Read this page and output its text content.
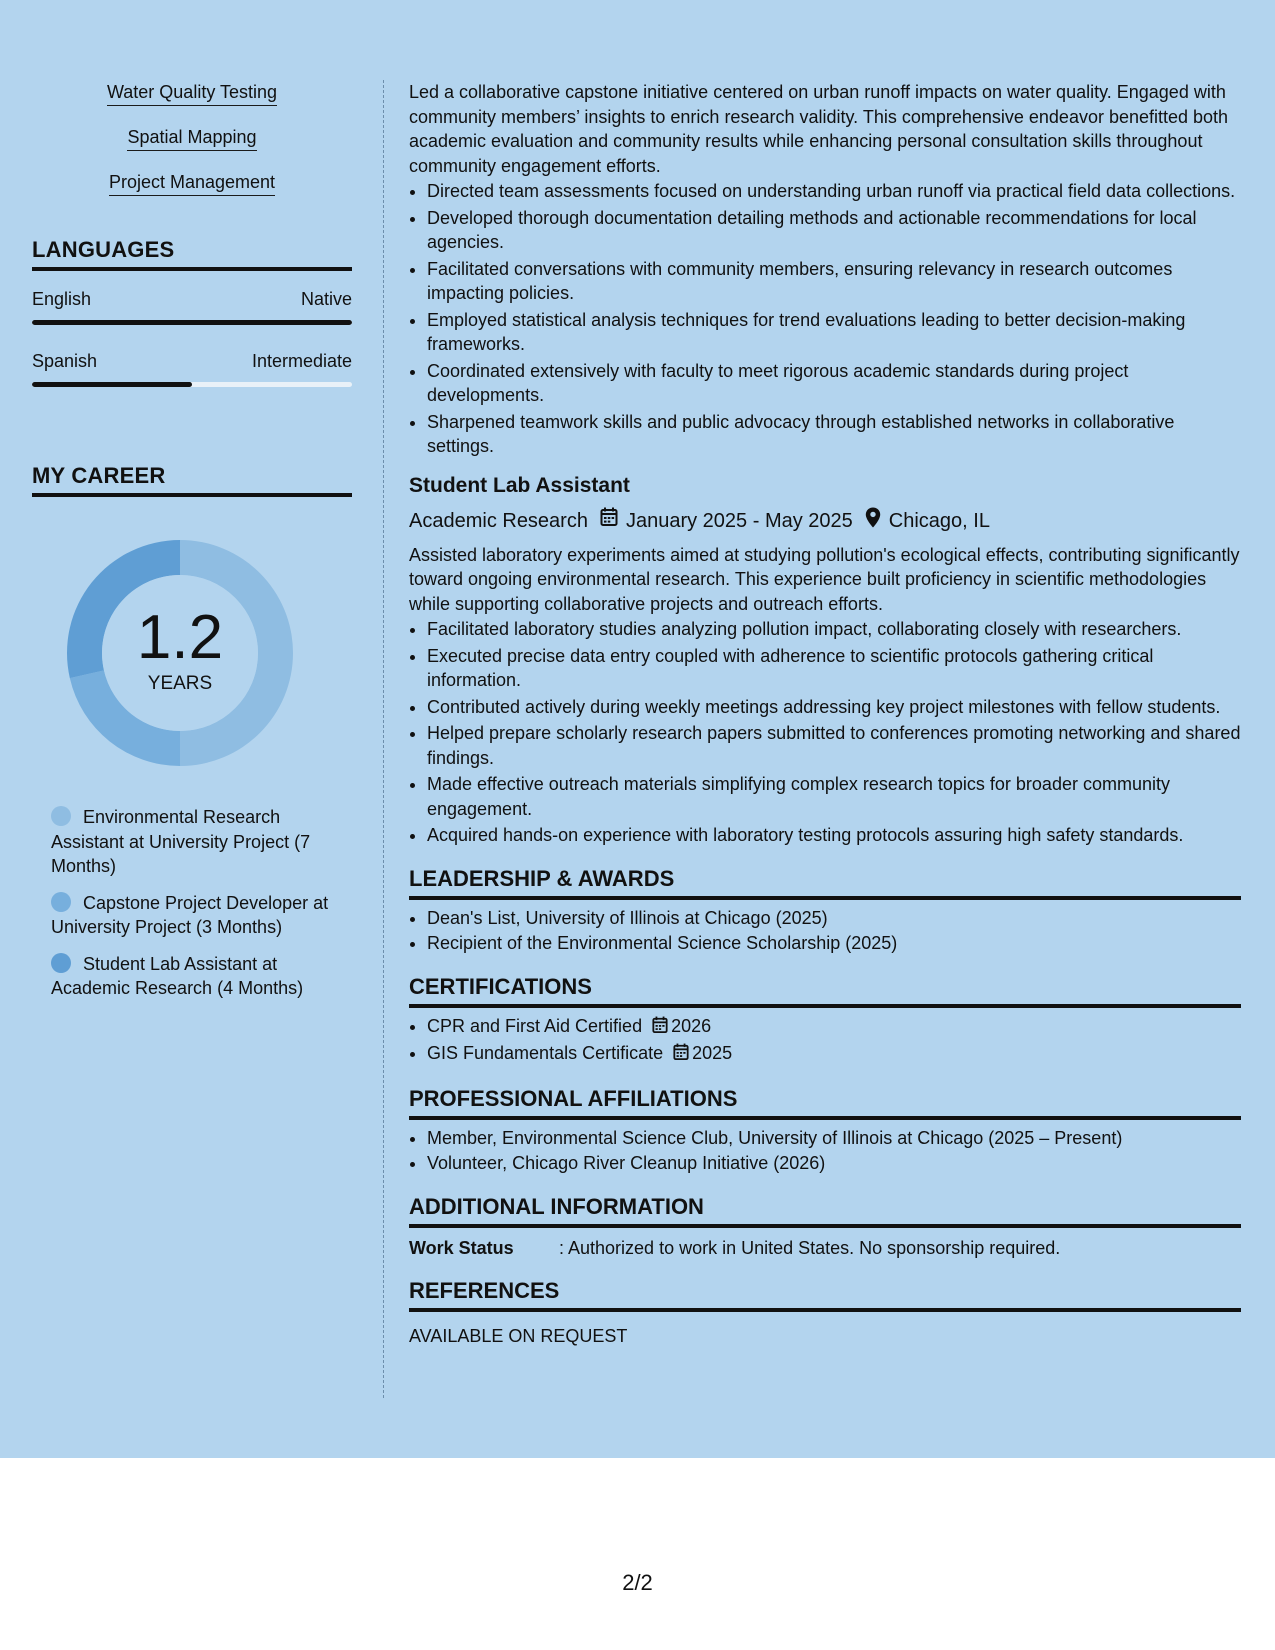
Water Quality Testing
Spatial Mapping
Project Management
LANGUAGES
English	Native
Spanish	Intermediate
MY CAREER
1.2
YEARS
Environmental Research Assistant at University Project (7 Months)
Capstone Project Developer at University Project (3 Months)
Student Lab Assistant at Academic Research (4 Months)

Led a collaborative capstone initiative centered on urban runoff impacts on water quality. Engaged with community members’ insights to enrich research validity. This comprehensive endeavor benefitted both academic evaluation and community results while enhancing personal consultation skills throughout community engagement efforts.

• Directed team assessments focused on understanding urban runoff via practical field data collections.
• Developed thorough documentation detailing methods and actionable recommendations for local agencies.
• Facilitated conversations with community members, ensuring relevancy in research outcomes impacting policies.
• Employed statistical analysis techniques for trend evaluations leading to better decision-making frameworks.
• Coordinated extensively with faculty to meet rigorous academic standards during project developments.
• Sharpened teamwork skills and public advocacy through established networks in collaborative settings.
Student Lab Assistant
Academic Research January 2025 - May 2025 Chicago, IL

Assisted laboratory experiments aimed at studying pollution's ecological effects, contributing significantly toward ongoing environmental research. This experience built proficiency in scientific methodologies while supporting collaborative projects and outreach efforts.

• Facilitated laboratory studies analyzing pollution impact, collaborating closely with researchers.
• Executed precise data entry coupled with adherence to scientific protocols gathering critical information.
• Contributed actively during weekly meetings addressing key project milestones with fellow students.
• Helped prepare scholarly research papers submitted to conferences promoting networking and shared findings.
• Made effective outreach materials simplifying complex research topics for broader community engagement.
• Acquired hands-on experience with laboratory testing protocols assuring high safety standards.
LEADERSHIP & AWARDS
• Dean's List, University of Illinois at Chicago (2025)
• Recipient of the Environmental Science Scholarship (2025)
CERTIFICATIONS
• CPR and First Aid Certified 2026
• GIS Fundamentals Certificate 2025
PROFESSIONAL AFFILIATIONS
• Member, Environmental Science Club, University of Illinois at Chicago (2025 – Present)
• Volunteer, Chicago River Cleanup Initiative (2026)
ADDITIONAL INFORMATION
Work Status	: Authorized to work in United States. No sponsorship required.
REFERENCES
AVAILABLE ON REQUEST
2/2
